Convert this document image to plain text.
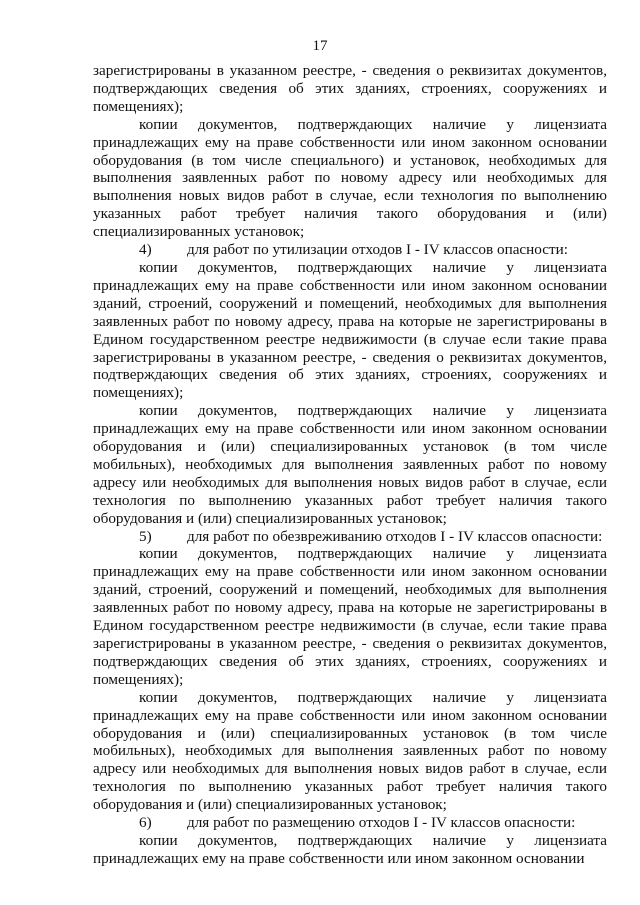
17

зарегистрированы в указанном реестре, - сведения о реквизитах документов, подтверждающих сведения об этих зданиях, строениях, сооружениях и помещениях);

копии документов, подтверждающих наличие у лицензиата принадлежащих ему на праве собственности или ином законном основании оборудования (в том числе специального) и установок, необходимых для выполнения заявленных работ по новому адресу или необходимых для выполнения новых видов работ в случае, если технология по выполнению указанных работ требует наличия такого оборудования и (или) специализированных установок;

4) для работ по утилизации отходов I - IV классов опасности:

копии документов, подтверждающих наличие у лицензиата принадлежащих ему на праве собственности или ином законном основании зданий, строений, сооружений и помещений, необходимых для выполнения заявленных работ по новому адресу, права на которые не зарегистрированы в Едином государственном реестре недвижимости (в случае если такие права зарегистрированы в указанном реестре, - сведения о реквизитах документов, подтверждающих сведения об этих зданиях, строениях, сооружениях и помещениях);

копии документов, подтверждающих наличие у лицензиата принадлежащих ему на праве собственности или ином законном основании оборудования и (или) специализированных установок (в том числе мобильных), необходимых для выполнения заявленных работ по новому адресу или необходимых для выполнения новых видов работ в случае, если технология по выполнению указанных работ требует наличия такого оборудования и (или) специализированных установок;

5) для работ по обезвреживанию отходов I - IV классов опасности:

копии документов, подтверждающих наличие у лицензиата принадлежащих ему на праве собственности или ином законном основании зданий, строений, сооружений и помещений, необходимых для выполнения заявленных работ по новому адресу, права на которые не зарегистрированы в Едином государственном реестре недвижимости (в случае, если такие права зарегистрированы в указанном реестре, - сведения о реквизитах документов, подтверждающих сведения об этих зданиях, строениях, сооружениях и помещениях);

копии документов, подтверждающих наличие у лицензиата принадлежащих ему на праве собственности или ином законном основании оборудования и (или) специализированных установок (в том числе мобильных), необходимых для выполнения заявленных работ по новому адресу или необходимых для выполнения новых видов работ в случае, если технология по выполнению указанных работ требует наличия такого оборудования и (или) специализированных установок;

6) для работ по размещению отходов I - IV классов опасности:

копии документов, подтверждающих наличие у лицензиата принадлежащих ему на праве собственности или ином законном основании
